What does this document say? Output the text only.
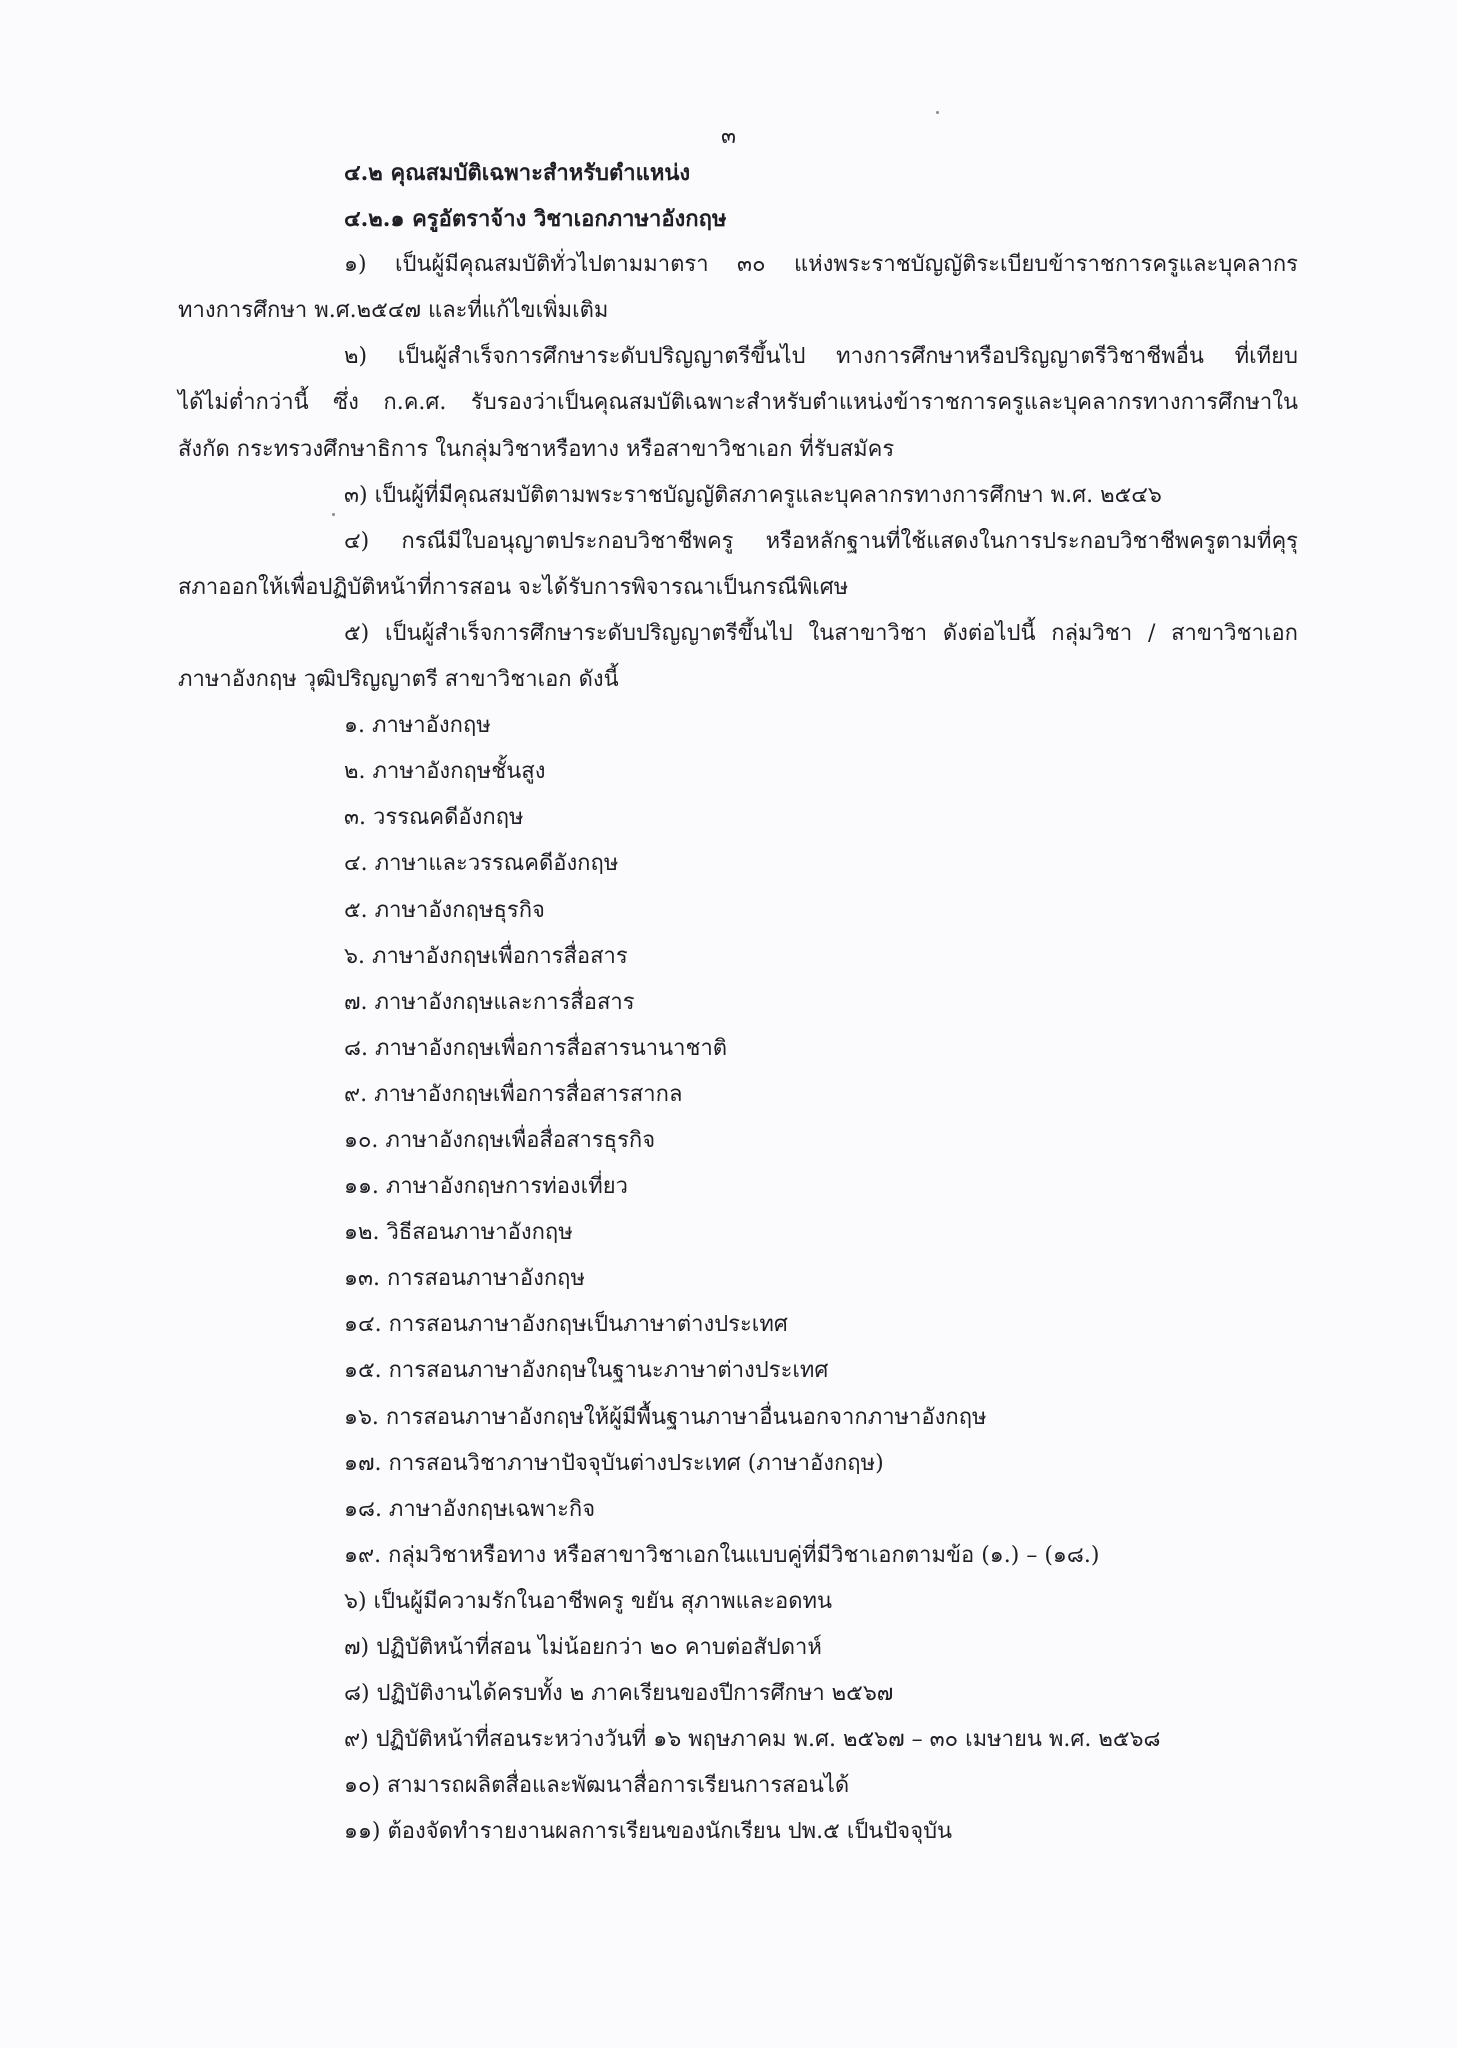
๓
๔.๒ คุณสมบัติเฉพาะสำหรับตำแหน่ง
๔.๒.๑ ครูอัตราจ้าง วิชาเอกภาษาอังกฤษ
๑) เป็นผู้มีคุณสมบัติทั่วไปตามมาตรา ๓๐ แห่งพระราชบัญญัติระเบียบข้าราชการครูและบุคลากร
ทางการศึกษา พ.ศ.๒๕๔๗ และที่แก้ไขเพิ่มเติม
๒) เป็นผู้สำเร็จการศึกษาระดับปริญญาตรีขึ้นไป ทางการศึกษาหรือปริญญาตรีวิชาชีพอื่น ที่เทียบ
ได้ไม่ต่ำกว่านี้ ซึ่ง ก.ค.ศ. รับรองว่าเป็นคุณสมบัติเฉพาะสำหรับตำแหน่งข้าราชการครูและบุคลากรทางการศึกษาใน
สังกัด กระทรวงศึกษาธิการ ในกลุ่มวิชาหรือทาง หรือสาขาวิชาเอก ที่รับสมัคร
๓) เป็นผู้ที่มีคุณสมบัติตามพระราชบัญญัติสภาครูและบุคลากรทางการศึกษา พ.ศ. ๒๕๔๖
๔) กรณีมีใบอนุญาตประกอบวิชาชีพครู หรือหลักฐานที่ใช้แสดงในการประกอบวิชาชีพครูตามที่คุรุ
สภาออกให้เพื่อปฏิบัติหน้าที่การสอน จะได้รับการพิจารณาเป็นกรณีพิเศษ
๕) เป็นผู้สำเร็จการศึกษาระดับปริญญาตรีขึ้นไป ในสาขาวิชา ดังต่อไปนี้ กลุ่มวิชา / สาขาวิชาเอก
ภาษาอังกฤษ วุฒิปริญญาตรี สาขาวิชาเอก ดังนี้
๑. ภาษาอังกฤษ
๒. ภาษาอังกฤษชั้นสูง
๓. วรรณคดีอังกฤษ
๔. ภาษาและวรรณคดีอังกฤษ
๕. ภาษาอังกฤษธุรกิจ
๖. ภาษาอังกฤษเพื่อการสื่อสาร
๗. ภาษาอังกฤษและการสื่อสาร
๘. ภาษาอังกฤษเพื่อการสื่อสารนานาชาติ
๙. ภาษาอังกฤษเพื่อการสื่อสารสากล
๑๐. ภาษาอังกฤษเพื่อสื่อสารธุรกิจ
๑๑. ภาษาอังกฤษการท่องเที่ยว
๑๒. วิธีสอนภาษาอังกฤษ
๑๓. การสอนภาษาอังกฤษ
๑๔. การสอนภาษาอังกฤษเป็นภาษาต่างประเทศ
๑๕. การสอนภาษาอังกฤษในฐานะภาษาต่างประเทศ
๑๖. การสอนภาษาอังกฤษให้ผู้มีพื้นฐานภาษาอื่นนอกจากภาษาอังกฤษ
๑๗. การสอนวิชาภาษาปัจจุบันต่างประเทศ (ภาษาอังกฤษ)
๑๘. ภาษาอังกฤษเฉพาะกิจ
๑๙. กลุ่มวิชาหรือทาง หรือสาขาวิชาเอกในแบบคู่ที่มีวิชาเอกตามข้อ (๑.) – (๑๘.)
๖) เป็นผู้มีความรักในอาชีพครู ขยัน สุภาพและอดทน
๗) ปฏิบัติหน้าที่สอน ไม่น้อยกว่า ๒๐ คาบต่อสัปดาห์
๘) ปฏิบัติงานได้ครบทั้ง ๒ ภาคเรียนของปีการศึกษา ๒๕๖๗
๙) ปฏิบัติหน้าที่สอนระหว่างวันที่ ๑๖ พฤษภาคม พ.ศ. ๒๕๖๗ – ๓๐ เมษายน พ.ศ. ๒๕๖๘
๑๐) สามารถผลิตสื่อและพัฒนาสื่อการเรียนการสอนได้
๑๑) ต้องจัดทำรายงานผลการเรียนของนักเรียน ปพ.๕ เป็นปัจจุบัน
